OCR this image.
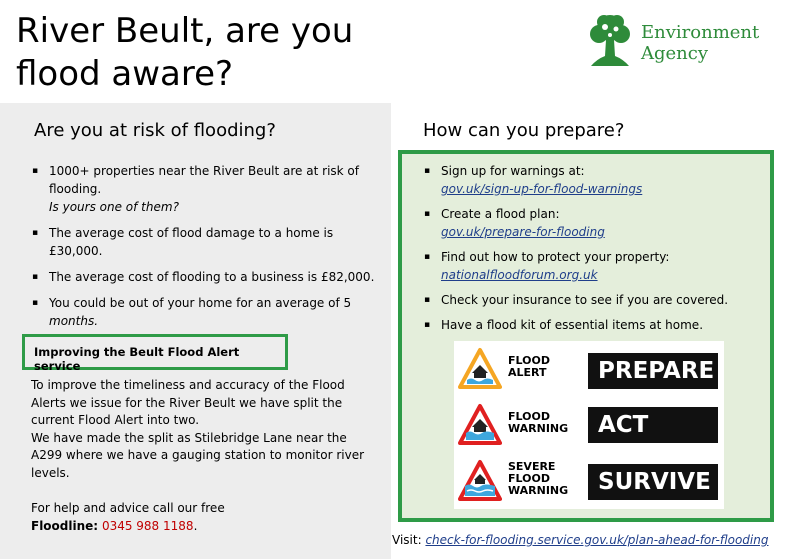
River Beult, are you
flood aware?
Environment
Agency
Are you at risk of flooding?
▪ 1000+ properties near the River Beult are at risk of flooding.
Is yours one of them?
▪ The average cost of flood damage to a home is £30,000.
▪ The average cost of flooding to a business is £82,000.
▪ You could be out of your home for an average of 5 months.
Improving the Beult Flood Alert service
To improve the timeliness and accuracy of the Flood Alerts we issue for the River Beult we have split the current Flood Alert into two.
We have made the split as Stilebridge Lane near the A299 where we have a gauging station to monitor river levels.
For help and advice call our free
Floodline: 0345 988 1188.
How can you prepare?
▪ Sign up for warnings at:
gov.uk/sign-up-for-flood-warnings
▪ Create a flood plan:
gov.uk/prepare-for-flooding
▪ Find out how to protect your property:
nationalfloodforum.org.uk
▪ Check your insurance to see if you are covered.
▪ Have a flood kit of essential items at home.
FLOOD
ALERT	PREPARE
FLOOD
WARNING	ACT
SEVERE
FLOOD
WARNING	SURVIVE
Visit: check-for-flooding.service.gov.uk/plan-ahead-for-flooding
